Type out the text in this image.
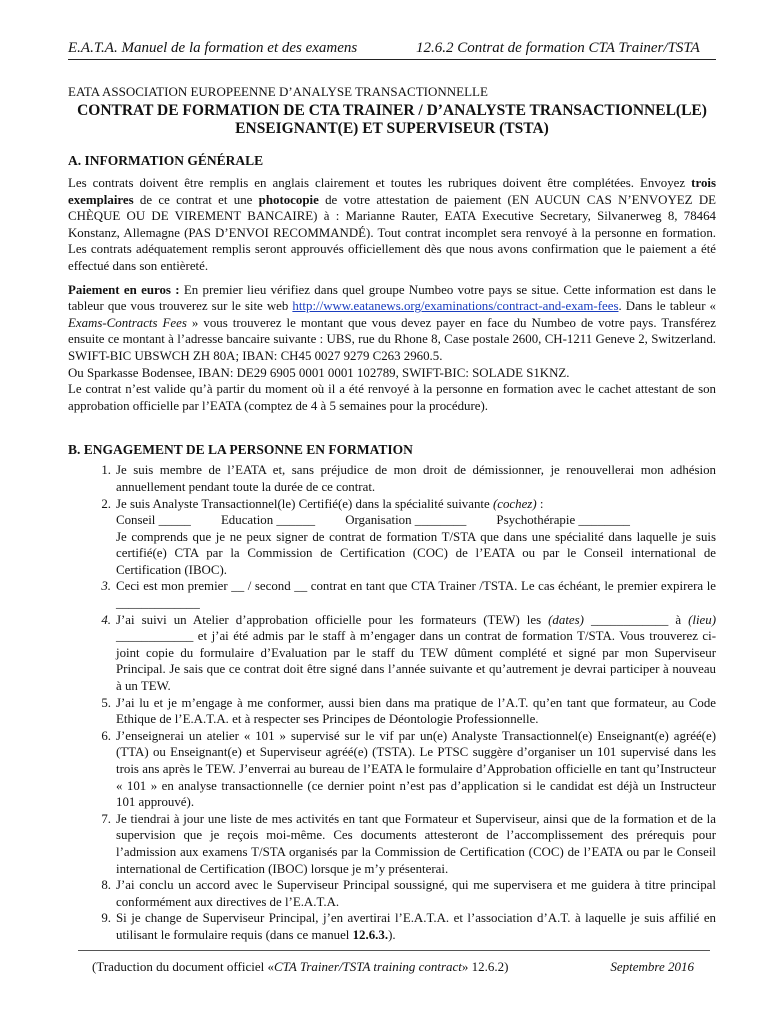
E.A.T.A. Manuel de la formation et des examens	12.6.2 Contrat de formation CTA Trainer/TSTA
EATA ASSOCIATION EUROPEENNE D’ANALYSE TRANSACTIONNELLE
CONTRAT DE FORMATION DE CTA TRAINER / D’ANALYSTE TRANSACTIONNEL(LE)
ENSEIGNANT(E) ET SUPERVISEUR (TSTA)
A. INFORMATION GÉNÉRALE

Les contrats doivent être remplis en anglais clairement et toutes les rubriques doivent être complétées. Envoyez trois exemplaires de ce contrat et une photocopie de votre attestation de paiement (EN AUCUN CAS N’ENVOYEZ DE CHÈQUE OU DE VIREMENT BANCAIRE) à : Marianne Rauter, EATA Executive Secretary, Silvanerweg 8, 78464 Konstanz, Allemagne (PAS D’ENVOI RECOMMANDÉ). Tout contrat incomplet sera renvoyé à la personne en formation. Les contrats adéquatement remplis seront approuvés officiellement dès que nous avons confirmation que le paiement a été effectué dans son entièreté.

Paiement en euros : En premier lieu vérifiez dans quel groupe Numbeo votre pays se situe. Cette information est dans le tableur que vous trouverez sur le site web http://www.eatanews.org/examinations/contract-and-exam-fees. Dans le tableur « Exams-Contracts Fees » vous trouverez le montant que vous devez payer en face du Numbeo de votre pays. Transférez ensuite ce montant à l’adresse bancaire suivante : UBS, rue du Rhone 8, Case postale 2600, CH-1211 Geneve 2, Switzerland. SWIFT-BIC UBSWCH ZH 80A; IBAN: CH45 0027 9279 C263 2960.5.

Ou Sparkasse Bodensee, IBAN: DE29 6905 0001 0001 102789, SWIFT-BIC: SOLADE S1KNZ.

Le contrat n’est valide qu’à partir du moment où il a été renvoyé à la personne en formation avec le cachet attestant de son approbation officielle par l’EATA (comptez de 4 à 5 semaines pour la procédure).

B. ENGAGEMENT DE LA PERSONNE EN FORMATION
1. Je suis membre de l’EATA et, sans préjudice de mon droit de démissionner, je renouvellerai mon adhésion annuellement pendant toute la durée de ce contrat.
2. Je suis Analyste Transactionnel(le) Certifié(e) dans la spécialité suivante (cochez) :
Conseil _____ Education ______ Organisation ________ Psychothérapie ________
Je comprends que je ne peux signer de contrat de formation T/STA que dans une spécialité dans laquelle je suis certifié(e) CTA par la Commission de Certification (COC) de l’EATA ou par le Conseil international de Certification (IBOC).
3. Ceci est mon premier __ / second __ contrat en tant que CTA Trainer /TSTA. Le cas échéant, le premier expirera le _____________
4. J’ai suivi un Atelier d’approbation officielle pour les formateurs (TEW) les (dates) ____________ à (lieu) ____________ et j’ai été admis par le staff à m’engager dans un contrat de formation T/STA. Vous trouverez ci-joint copie du formulaire d’Evaluation par le staff du TEW dûment complété et signé par mon Superviseur Principal. Je sais que ce contrat doit être signé dans l’année suivante et qu’autrement je devrai participer à nouveau à un TEW.
5. J’ai lu et je m’engage à me conformer, aussi bien dans ma pratique de l’A.T. qu’en tant que formateur, au Code Ethique de l’E.A.T.A. et à respecter ses Principes de Déontologie Professionnelle.
6. J’enseignerai un atelier « 101 » supervisé sur le vif par un(e) Analyste Transactionnel(e) Enseignant(e) agréé(e) (TTA) ou Enseignant(e) et Superviseur agréé(e) (TSTA). Le PTSC suggère d’organiser un 101 supervisé dans les trois ans après le TEW. J’enverrai au bureau de l’EATA le formulaire d’Approbation officielle en tant qu’Instructeur « 101 » en analyse transactionnelle (ce dernier point n’est pas d’application si le candidat est déjà un Instructeur 101 approuvé).
7. Je tiendrai à jour une liste de mes activités en tant que Formateur et Superviseur, ainsi que de la formation et de la supervision que je reçois moi-même. Ces documents attesteront de l’accomplissement des prérequis pour l’admission aux examens T/STA organisés par la Commission de Certification (COC) de l’EATA ou par le Conseil international de Certification (IBOC) lorsque je m’y présenterai.
8. J’ai conclu un accord avec le Superviseur Principal soussigné, qui me supervisera et me guidera à titre principal conformément aux directives de l’E.A.T.A.
9. Si je change de Superviseur Principal, j’en avertirai l’E.A.T.A. et l’association d’A.T. à laquelle je suis affilié en utilisant le formulaire requis (dans ce manuel 12.6.3.).
(Traduction du document officiel «CTA Trainer/TSTA training contract» 12.6.2)	Septembre 2016
